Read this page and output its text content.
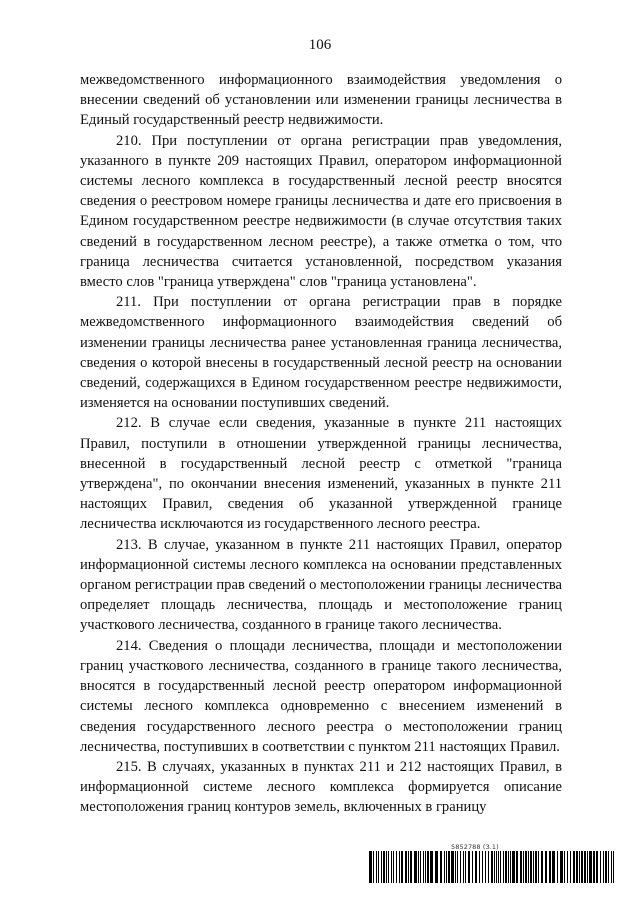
106

межведомственного информационного взаимодействия уведомления о внесении сведений об установлении или изменении границы лесничества в Единый государственный реестр недвижимости.

210. При поступлении от органа регистрации прав уведомления, указанного в пункте 209 настоящих Правил, оператором информационной системы лесного комплекса в государственный лесной реестр вносятся сведения о реестровом номере границы лесничества и дате его присвоения в Едином государственном реестре недвижимости (в случае отсутствия таких сведений в государственном лесном реестре), а также отметка о том, что граница лесничества считается установленной, посредством указания вместо слов "граница утверждена" слов "граница установлена".

211. При поступлении от органа регистрации прав в порядке межведомственного информационного взаимодействия сведений об изменении границы лесничества ранее установленная граница лесничества, сведения о которой внесены в государственный лесной реестр на основании сведений, содержащихся в Едином государственном реестре недвижимости, изменяется на основании поступивших сведений.

212. В случае если сведения, указанные в пункте 211 настоящих Правил, поступили в отношении утвержденной границы лесничества, внесенной в государственный лесной реестр с отметкой "граница утверждена", по окончании внесения изменений, указанных в пункте 211 настоящих Правил, сведения об указанной утвержденной границе лесничества исключаются из государственного лесного реестра.

213. В случае, указанном в пункте 211 настоящих Правил, оператор информационной системы лесного комплекса на основании представленных органом регистрации прав сведений о местоположении границы лесничества определяет площадь лесничества, площадь и местоположение границ участкового лесничества, созданного в границе такого лесничества.

214. Сведения о площади лесничества, площади и местоположении границ участкового лесничества, созданного в границе такого лесничества, вносятся в государственный лесной реестр оператором информационной системы лесного комплекса одновременно с внесением изменений в сведения государственного лесного реестра о местоположении границ лесничества, поступивших в соответствии с пунктом 211 настоящих Правил.

215. В случаях, указанных в пунктах 211 и 212 настоящих Правил, в информационной системе лесного комплекса формируется описание местоположения границ контуров земель, включенных в границу

5852788 (3.1)
